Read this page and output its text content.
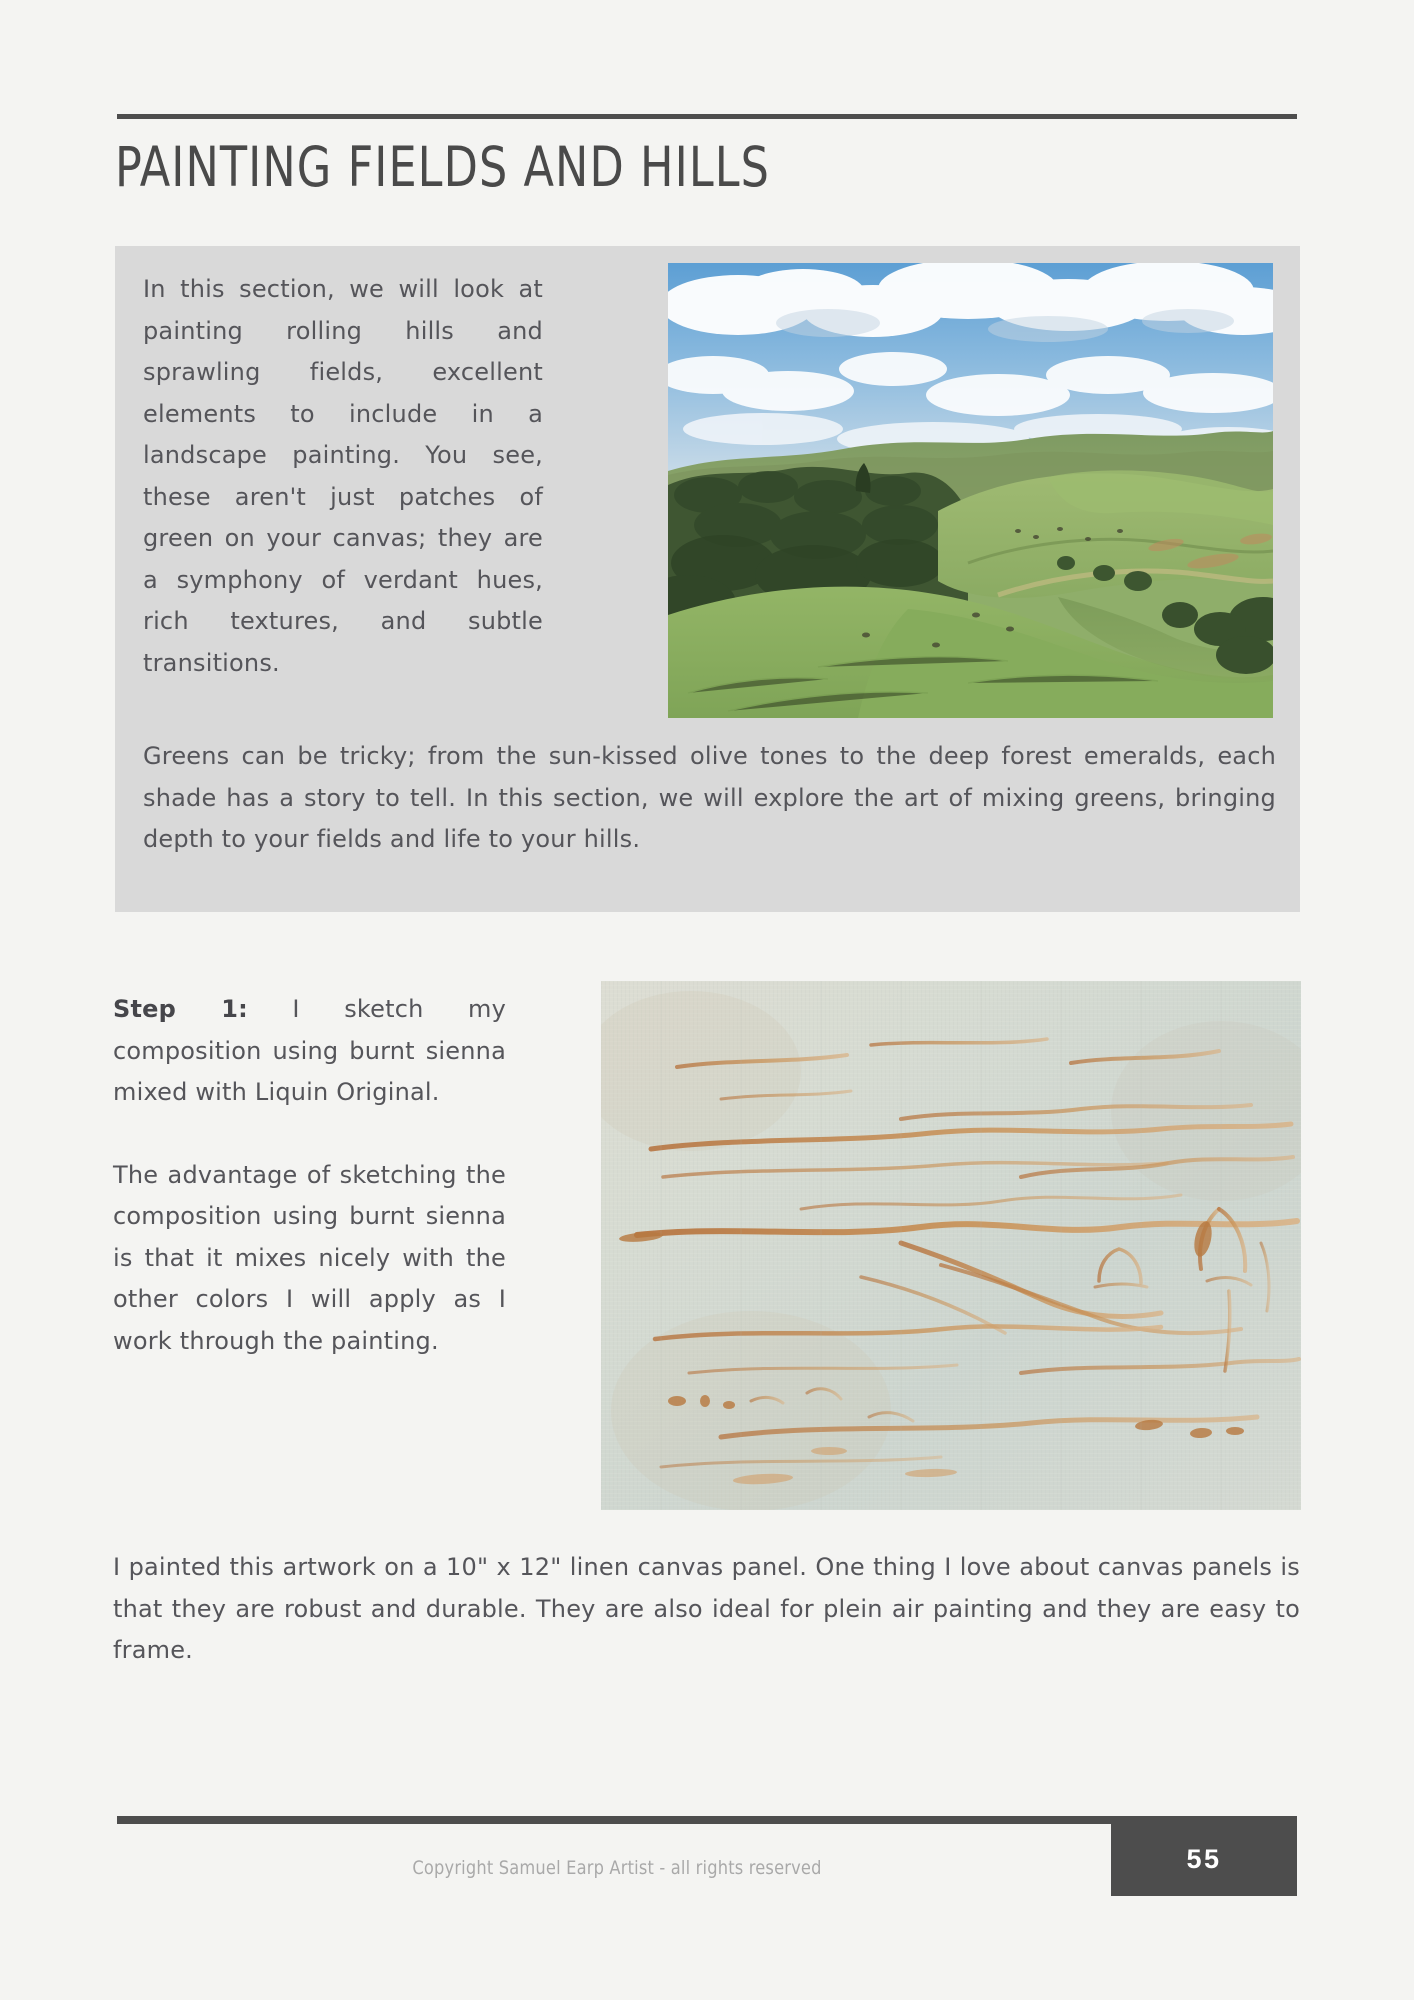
PAINTING FIELDS AND HILLS

In this section, we will look at painting rolling hills and sprawling fields, excellent elements to include in a landscape painting. You see, these aren't just patches of green on your canvas; they are a symphony of verdant hues, rich textures, and subtle transitions.

Greens can be tricky; from the sun-kissed olive tones to the deep forest emeralds, each shade has a story to tell. In this section, we will explore the art of mixing greens, bringing depth to your fields and life to your hills.

Step 1: I sketch my composition using burnt sienna mixed with Liquin Original.

The advantage of sketching the composition using burnt sienna is that it mixes nicely with the other colors I will apply as I work through the painting.

I painted this artwork on a 10" x 12" linen canvas panel. One thing I love about canvas panels is that they are robust and durable. They are also ideal for plein air painting and they are easy to frame.

Copyright Samuel Earp Artist - all rights reserved	55
